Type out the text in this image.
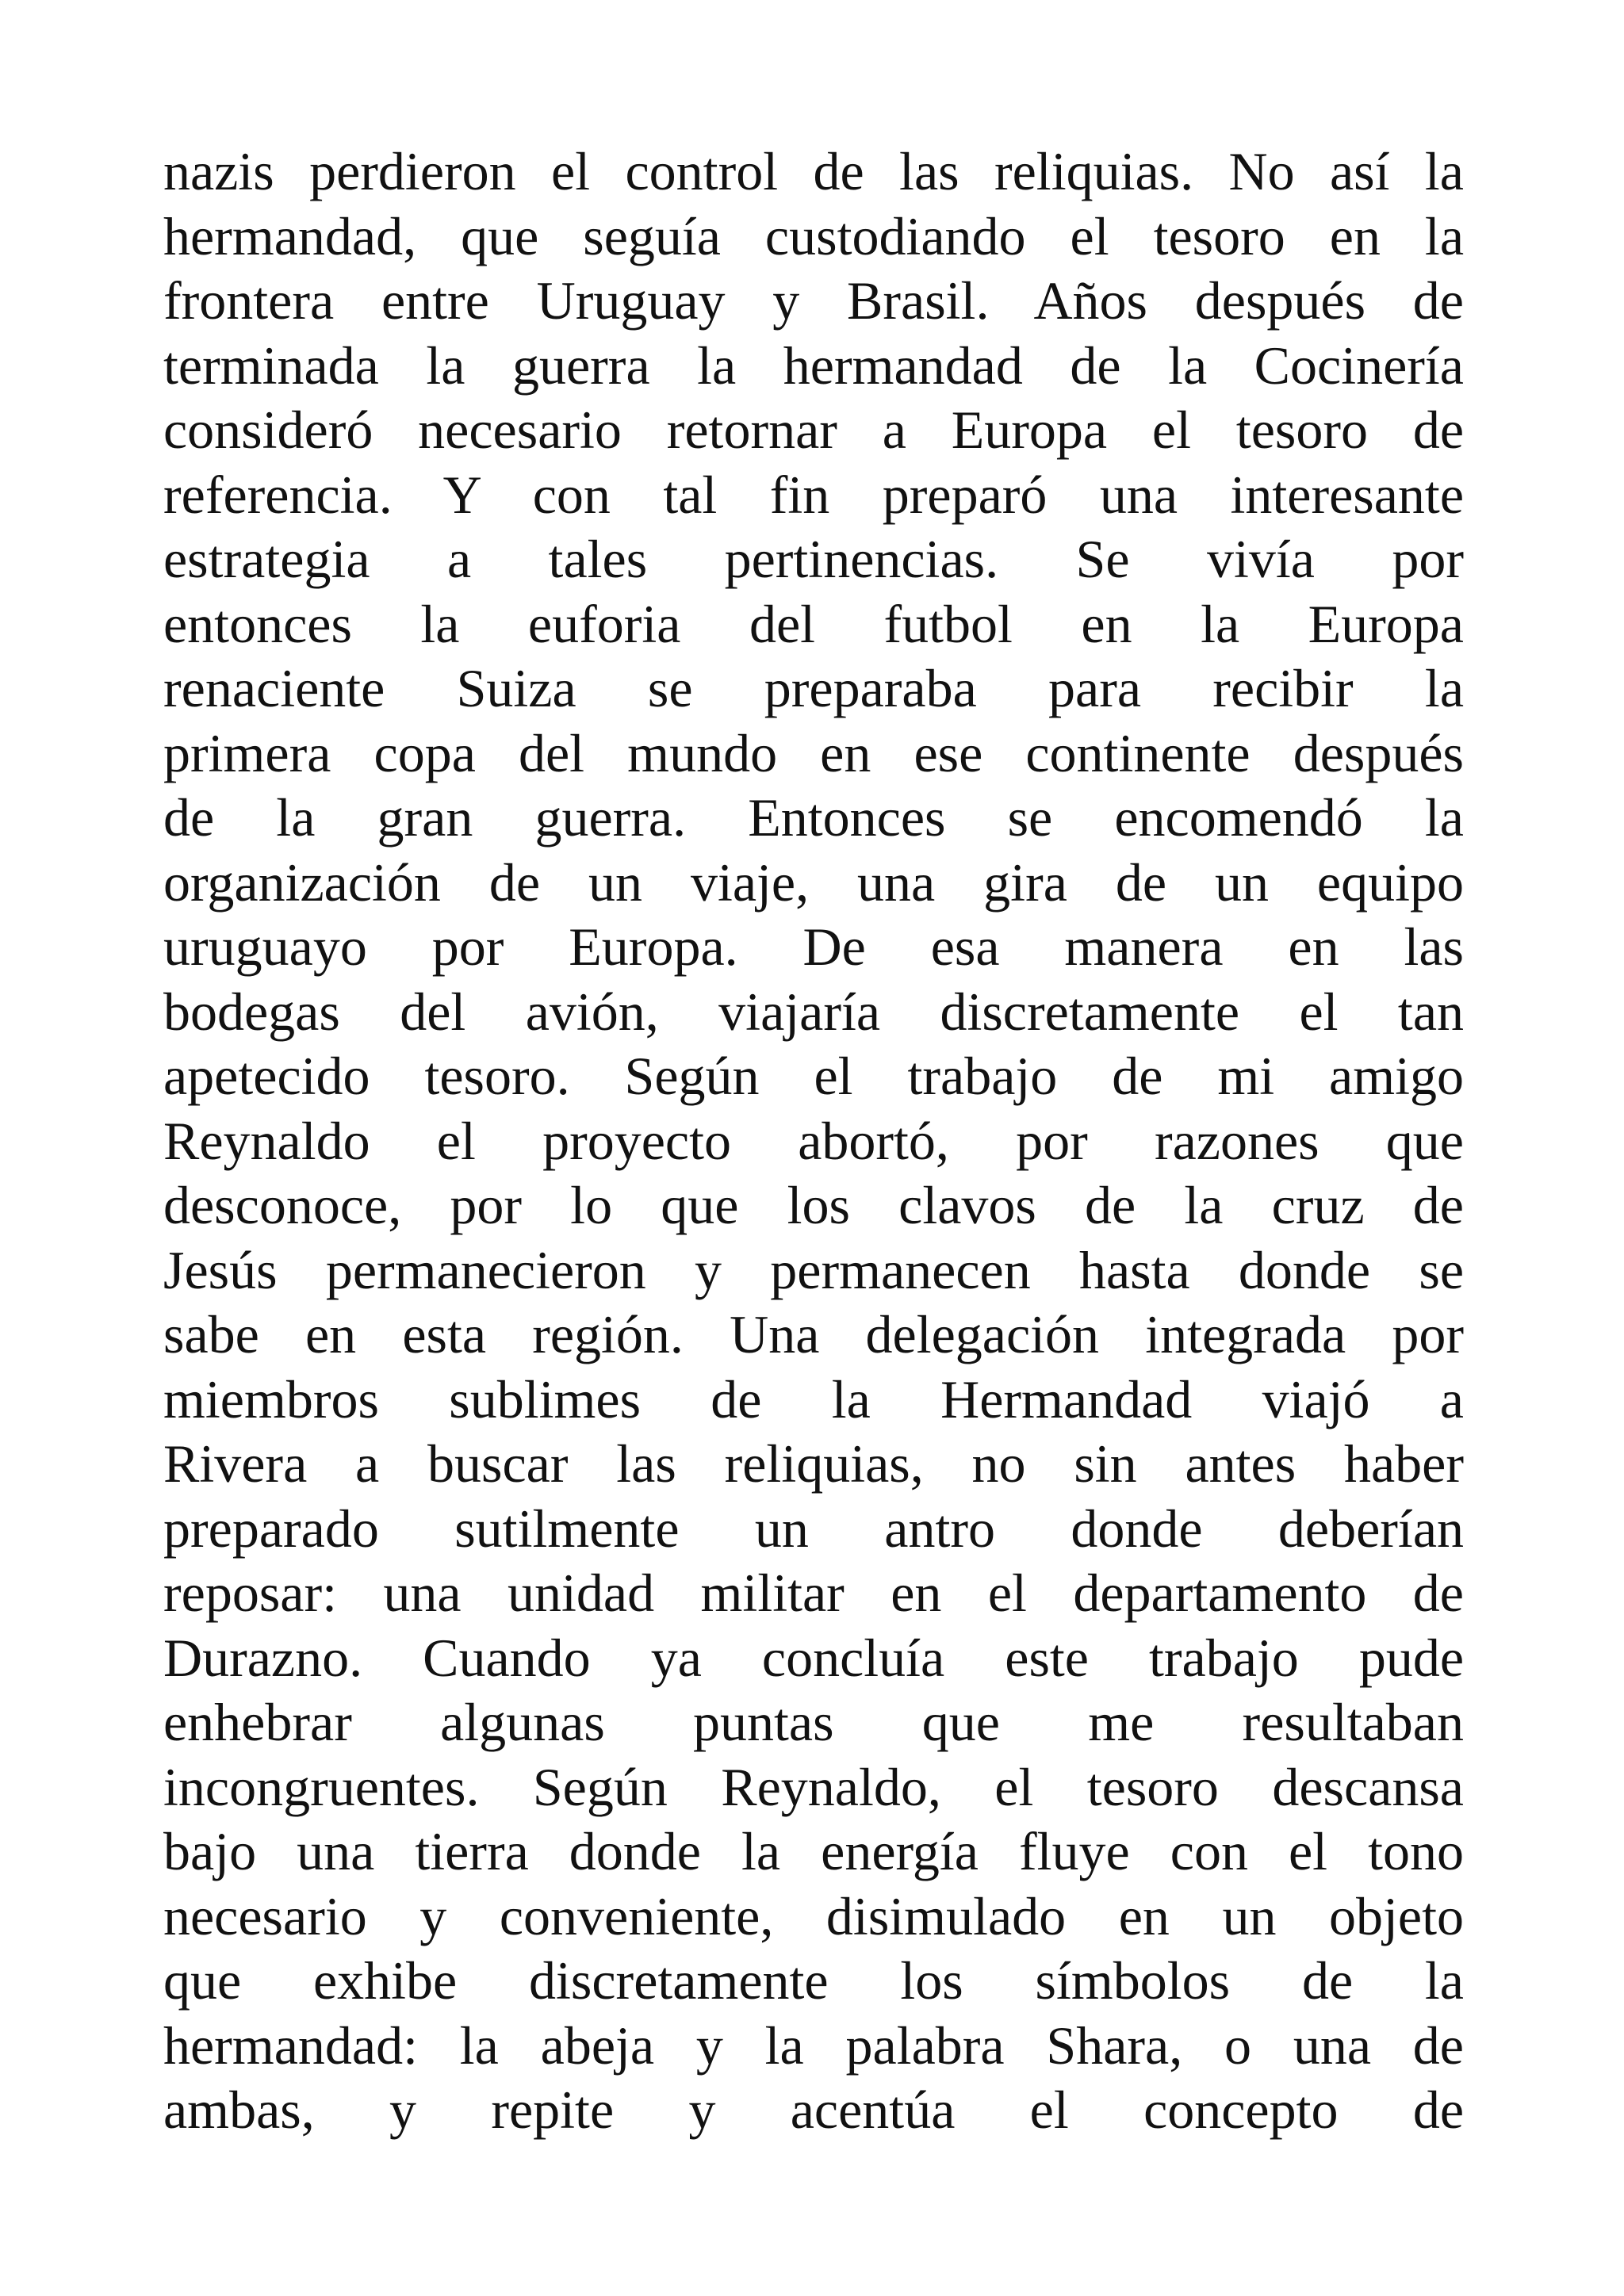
nazis perdieron el control de las reliquias. No así la
hermandad, que seguía custodiando el tesoro en la
frontera entre Uruguay y Brasil. Años después de
terminada la guerra la hermandad de la Cocinería
consideró necesario retornar a Europa el tesoro de
referencia. Y con tal fin preparó una interesante
estrategia a tales pertinencias. Se vivía por
entonces la euforia del futbol en la Europa
renaciente Suiza se preparaba para recibir la
primera copa del mundo en ese continente después
de la gran guerra. Entonces se encomendó la
organización de un viaje, una gira de un equipo
uruguayo por Europa. De esa manera en las
bodegas del avión, viajaría discretamente el tan
apetecido tesoro. Según el trabajo de mi amigo
Reynaldo el proyecto abortó, por razones que
desconoce, por lo que los clavos de la cruz de
Jesús permanecieron y permanecen hasta donde se
sabe en esta región. Una delegación integrada por
miembros sublimes de la Hermandad viajó a
Rivera a buscar las reliquias, no sin antes haber
preparado sutilmente un antro donde deberían
reposar: una unidad militar en el departamento de
Durazno. Cuando ya concluía este trabajo pude
enhebrar algunas puntas que me resultaban
incongruentes. Según Reynaldo, el tesoro descansa
bajo una tierra donde la energía fluye con el tono
necesario y conveniente, disimulado en un objeto
que exhibe discretamente los símbolos de la
hermandad: la abeja y la palabra Shara, o una de
ambas, y repite y acentúa el concepto de
